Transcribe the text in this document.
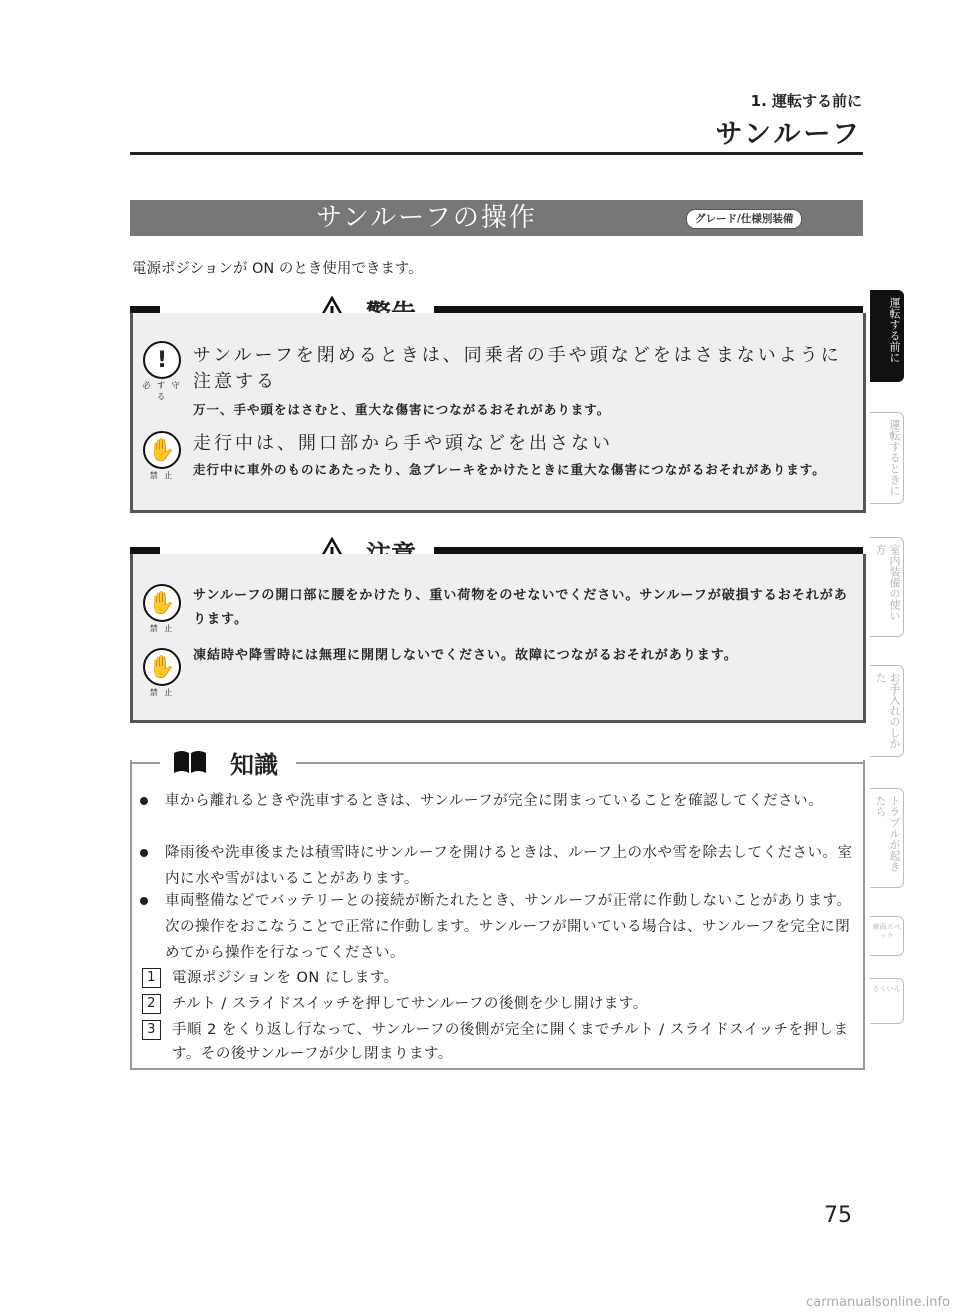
1. 運転する前に
サンルーフ
サンルーフの操作	グレード/仕様別装備
電源ポジションが ON のとき使用できます。
!
必 す 守 る
サンルーフを閉めるときは、同乗者の手や頭などをはさまないように注意する
万一、手や頭をはさむと、重大な傷害につながるおそれがあります。
✋
禁 止
走行中は、開口部から手や頭などを出さない
走行中に車外のものにあたったり、急ブレーキをかけたときに重大な傷害につながるおそれがあります。
✋
禁 止
サンルーフの開口部に腰をかけたり、重い荷物をのせないでください。サンルーフが破損するおそれがあります。
✋
禁 止
凍結時や降雪時には無理に開閉しないでください。故障につながるおそれがあります。
知識
車から離れるときや洗車するときは、サンルーフが完全に閉まっていることを確認してください。
降雨後や洗車後または積雪時にサンルーフを開けるときは、ルーフ上の水や雪を除去してください。室内に水や雪がはいることがあります。
車両整備などでバッテリーとの接続が断たれたとき、サンルーフが正常に作動しないことがあります。次の操作をおこなうことで正常に作動します。サンルーフが開いている場合は、サンルーフを完全に閉めてから操作を行なってください。
1	電源ポジションを ON にします。
2	チルト / スライドスイッチを押してサンルーフの後側を少し開けます。
3	手順 2 をくり返し行なって、サンルーフの後側が完全に開くまでチルト / スライドスイッチを押します。その後サンルーフが少し閉まります。
運転する前に
運転するときに
室内装備の使い方
お手入れのしかた
トラブルが起きたら
車両スペック
さくいん
75
carmanualsonline.info
